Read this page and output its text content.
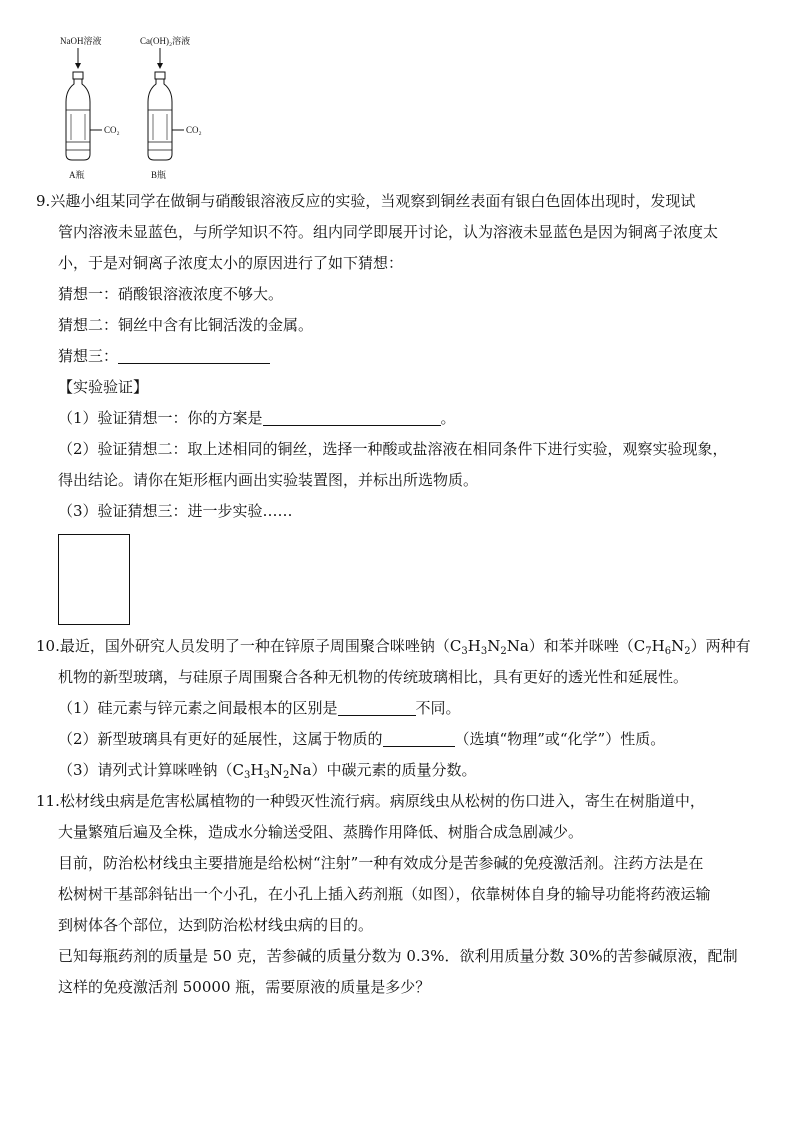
NaOH溶液
CO₂
A瓶
Ca(OH)₂溶液
CO₂
B瓶
9.兴趣小组某同学在做铜与硝酸银溶液反应的实验，当观察到铜丝表面有银白色固体出现时，发现试
管内溶液未显蓝色，与所学知识不符。组内同学即展开讨论，认为溶液未显蓝色是因为铜离子浓度太
小，于是对铜离子浓度太小的原因进行了如下猜想：
猜想一：硝酸银溶液浓度不够大。
猜想二：铜丝中含有比铜活泼的金属。
猜想三：
【实验验证】
（1）验证猜想一：你的方案是	。
（2）验证猜想二：取上述相同的铜丝，选择一种酸或盐溶液在相同条件下进行实验，观察实验现象，
得出结论。请你在矩形框内画出实验装置图，并标出所选物质。
（3）验证猜想三：进一步实验……
10.最近，国外研究人员发明了一种在锌原子周围聚合咪唑钠$(C_3H_3N_2Na)$和苯并咪唑$(C_7H_6N_2)$两种有
机物的新型玻璃，与硅原子周围聚合各种无机物的传统玻璃相比，具有更好的透光性和延展性。
（1）硅元素与锌元素之间最根本的区别是	不同。
（2）新型玻璃具有更好的延展性，这属于物质的	（选填“物理”或“化学”）性质。
（3）请列式计算咪唑钠$(C_3H_3N_2Na)$中碳元素的质量分数。
11.松材线虫病是危害松属植物的一种毁灭性流行病。病原线虫从松树的伤口进入，寄生在树脂道中，
大量繁殖后遍及全株，造成水分输送受阻、蒸腾作用降低、树脂合成急剧减少。
目前，防治松材线虫主要措施是给松树“注射”一种有效成分是苦参碱的免疫激活剂。注药方法是在
松树树干基部斜钻出一个小孔，在小孔上插入药剂瓶（如图），依靠树体自身的输导功能将药液运输
到树体各个部位，达到防治松材线虫病的目的。
已知每瓶药剂的质量是 50 克，苦参碱的质量分数为 0.3%．欲利用质量分数 30%的苦参碱原液，配制
这样的免疫激活剂 50000 瓶，需要原液的质量是多少？
